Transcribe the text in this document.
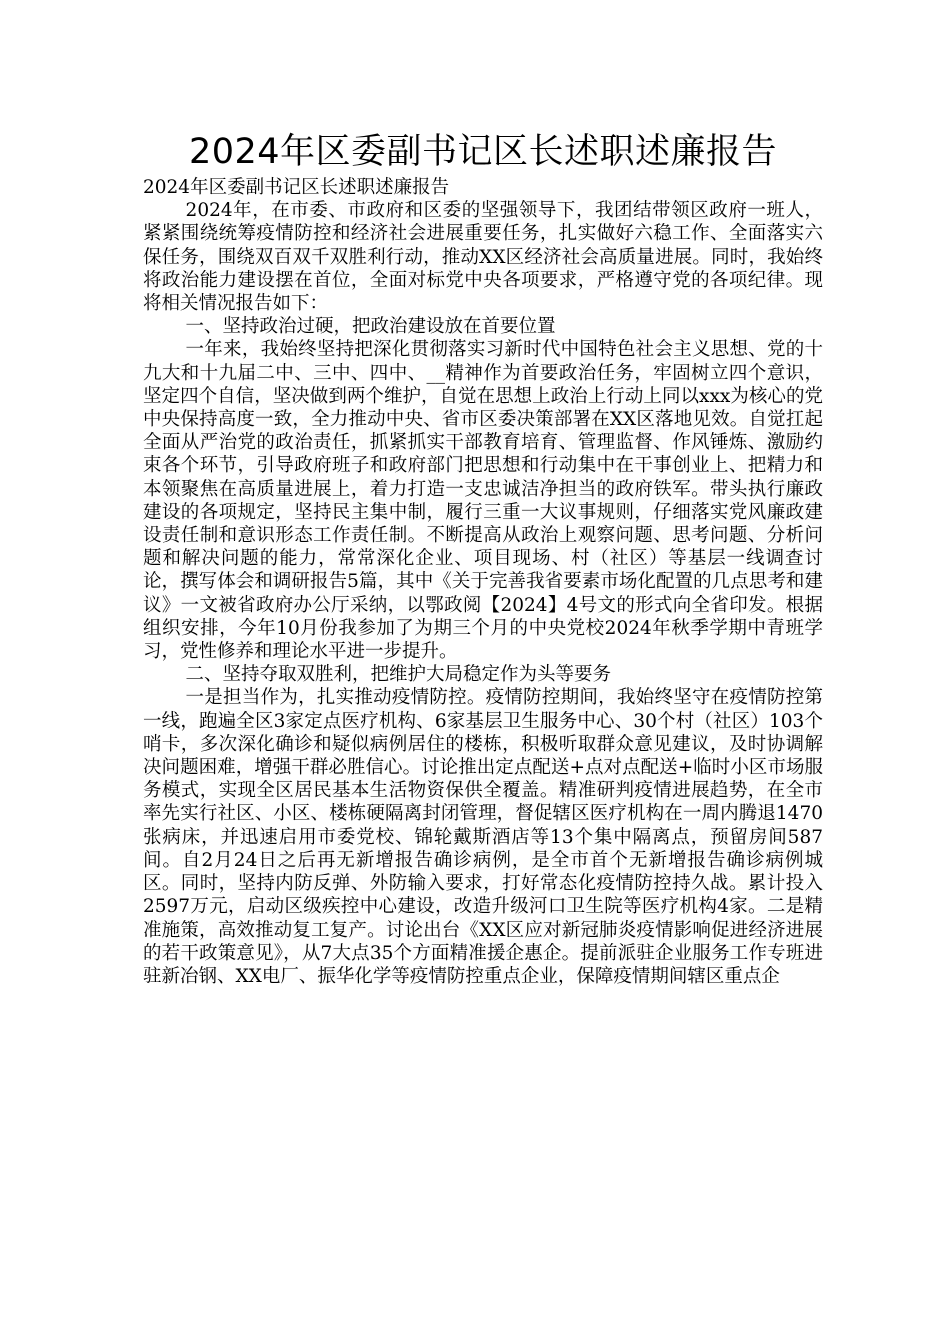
2024年区委副书记区长述职述廉报告

2024年区委副书记区长述职述廉报告

2024年，在市委、市政府和区委的坚强领导下，我团结带领区政府一班人，紧紧围绕统筹疫情防控和经济社会进展重要任务，扎实做好六稳工作、全面落实六保任务，围绕双百双千双胜利行动，推动XX区经济社会高质量进展。同时，我始终将政治能力建设摆在首位，全面对标党中央各项要求，严格遵守党的各项纪律。现将相关情况报告如下：

一、坚持政治过硬，把政治建设放在首要位置

一年来，我始终坚持把深化贯彻落实习新时代中国特色社会主义思想、党的十九大和十九届二中、三中、四中、__精神作为首要政治任务，牢固树立四个意识，坚定四个自信，坚决做到两个维护，自觉在思想上政治上行动上同以xxx为核心的党中央保持高度一致，全力推动中央、省市区委决策部署在XX区落地见效。自觉扛起全面从严治党的政治责任，抓紧抓实干部教育培育、管理监督、作风锤炼、激励约束各个环节，引导政府班子和政府部门把思想和行动集中在干事创业上、把精力和本领聚焦在高质量进展上，着力打造一支忠诚洁净担当的政府铁军。带头执行廉政建设的各项规定，坚持民主集中制，履行三重一大议事规则，仔细落实党风廉政建设责任制和意识形态工作责任制。不断提高从政治上观察问题、思考问题、分析问题和解决问题的能力，常常深化企业、项目现场、村（社区）等基层一线调查讨论，撰写体会和调研报告5篇，其中《关于完善我省要素市场化配置的几点思考和建议》一文被省政府办公厅采纳，以鄂政阅【2024】4号文的形式向全省印发。根据组织安排，今年10月份我参加了为期三个月的中央党校2024年秋季学期中青班学习，党性修养和理论水平进一步提升。

二、坚持夺取双胜利，把维护大局稳定作为头等要务

一是担当作为，扎实推动疫情防控。疫情防控期间，我始终坚守在疫情防控第一线，跑遍全区3家定点医疗机构、6家基层卫生服务中心、30个村（社区）103个哨卡，多次深化确诊和疑似病例居住的楼栋，积极听取群众意见建议，及时协调解决问题困难，增强干群必胜信心。讨论推出定点配送+点对点配送+临时小区市场服务模式，实现全区居民基本生活物资保供全覆盖。精准研判疫情进展趋势，在全市率先实行社区、小区、楼栋硬隔离封闭管理，督促辖区医疗机构在一周内腾退1470张病床，并迅速启用市委党校、锦轮戴斯酒店等13个集中隔离点，预留房间587间。自2月24日之后再无新增报告确诊病例，是全市首个无新增报告确诊病例城区。同时，坚持内防反弹、外防输入要求，打好常态化疫情防控持久战。累计投入2597万元，启动区级疾控中心建设，改造升级河口卫生院等医疗机构4家。二是精准施策，高效推动复工复产。讨论出台《XX区应对新冠肺炎疫情影响促进经济进展的若干政策意见》，从7大点35个方面精准援企惠企。提前派驻企业服务工作专班进驻新冶钢、XX电厂、振华化学等疫情防控重点企业，保障疫情期间辖区重点企
